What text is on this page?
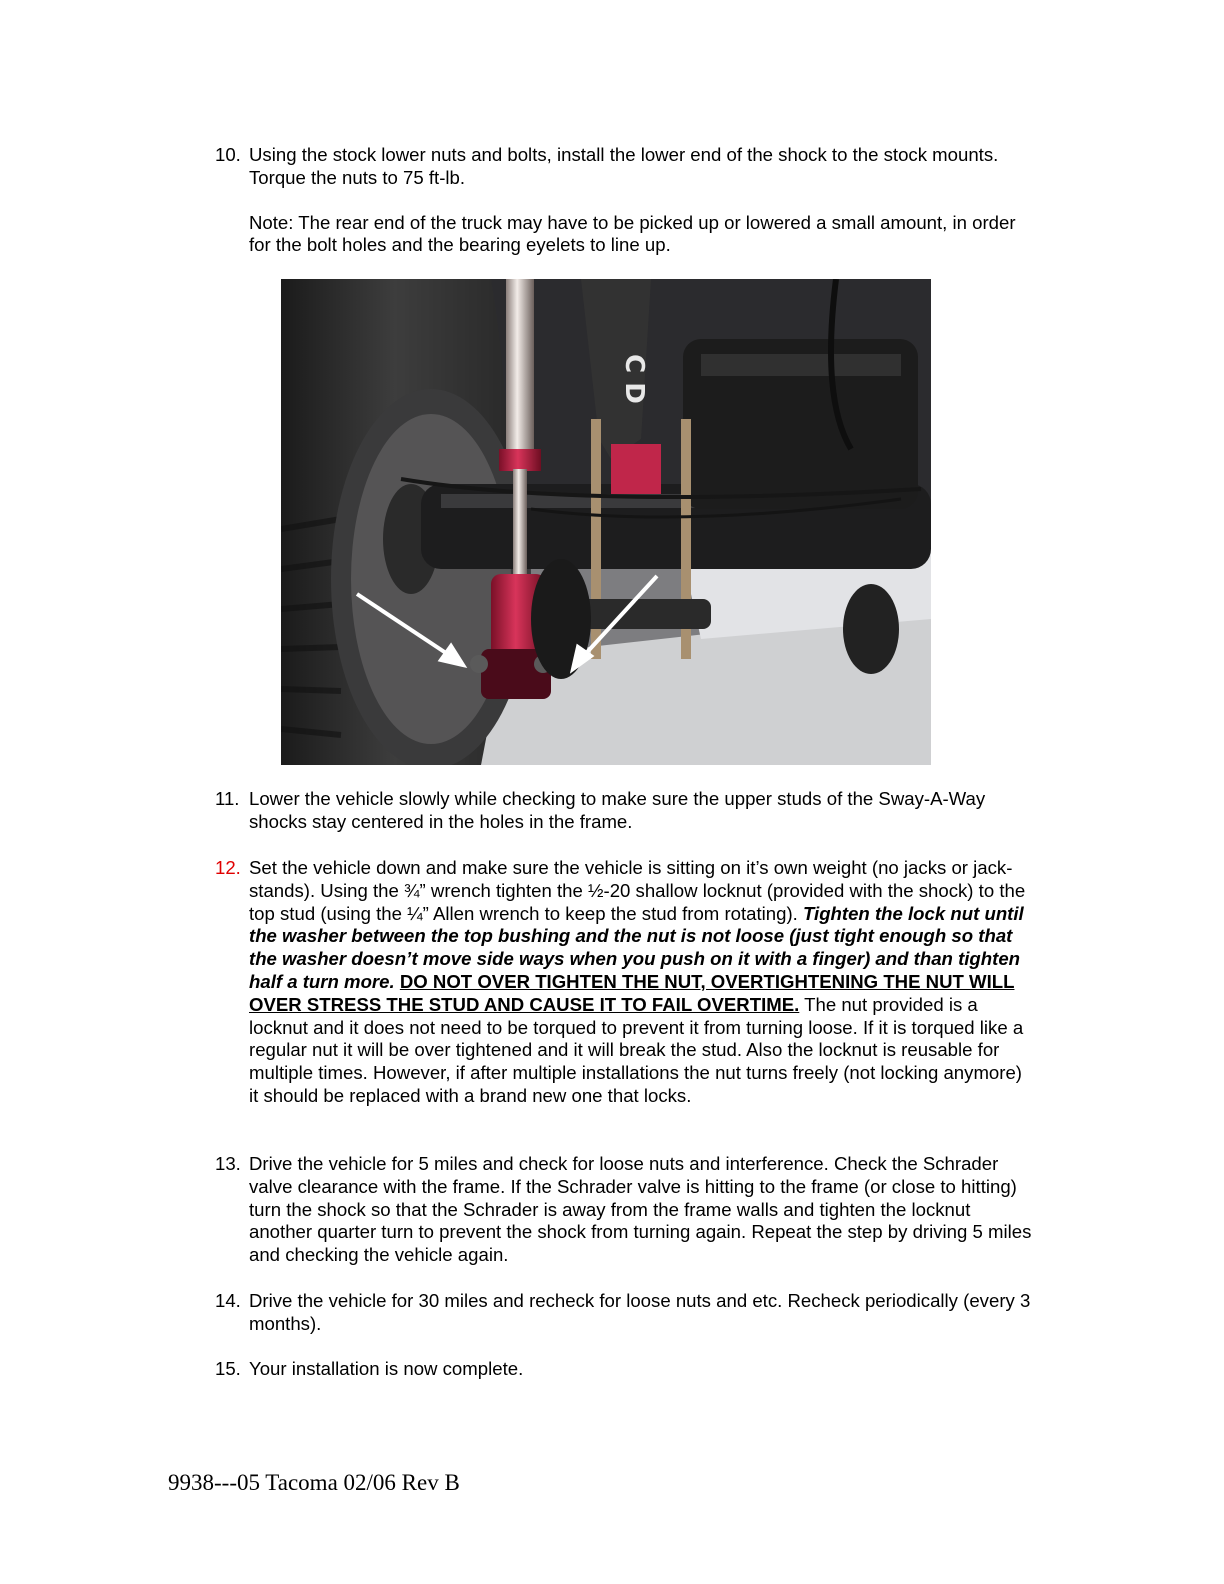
10. Using the stock lower nuts and bolts, install the lower end of the shock to the stock mounts. Torque the nuts to 75 ft-lb.
Note: The rear end of the truck may have to be picked up or lowered a small amount, in order for the bolt holes and the bearing eyelets to line up.
C D
11. Lower the vehicle slowly while checking to make sure the upper studs of the Sway-A-Way shocks stay centered in the holes in the frame.
12. Set the vehicle down and make sure the vehicle is sitting on it’s own weight (no jacks or jack-stands). Using the ¾” wrench tighten the ½-20 shallow locknut (provided with the shock) to the top stud (using the ¼” Allen wrench to keep the stud from rotating). Tighten the lock nut until the washer between the top bushing and the nut is not loose (just tight enough so that the washer doesn’t move side ways when you push on it with a finger) and than tighten half a turn more. DO NOT OVER TIGHTEN THE NUT, OVERTIGHTENING THE NUT WILL OVER STRESS THE STUD AND CAUSE IT TO FAIL OVERTIME. The nut provided is a locknut and it does not need to be torqued to prevent it from turning loose. If it is torqued like a regular nut it will be over tightened and it will break the stud. Also the locknut is reusable for multiple times. However, if after multiple installations the nut turns freely (not locking anymore) it should be replaced with a brand new one that locks.
13. Drive the vehicle for 5 miles and check for loose nuts and interference. Check the Schrader valve clearance with the frame. If the Schrader valve is hitting to the frame (or close to hitting) turn the shock so that the Schrader is away from the frame walls and tighten the locknut another quarter turn to prevent the shock from turning again. Repeat the step by driving 5 miles and checking the vehicle again.
14. Drive the vehicle for 30 miles and recheck for loose nuts and etc. Recheck periodically (every 3 months).
15. Your installation is now complete.
9938---05 Tacoma 02/06 Rev B
